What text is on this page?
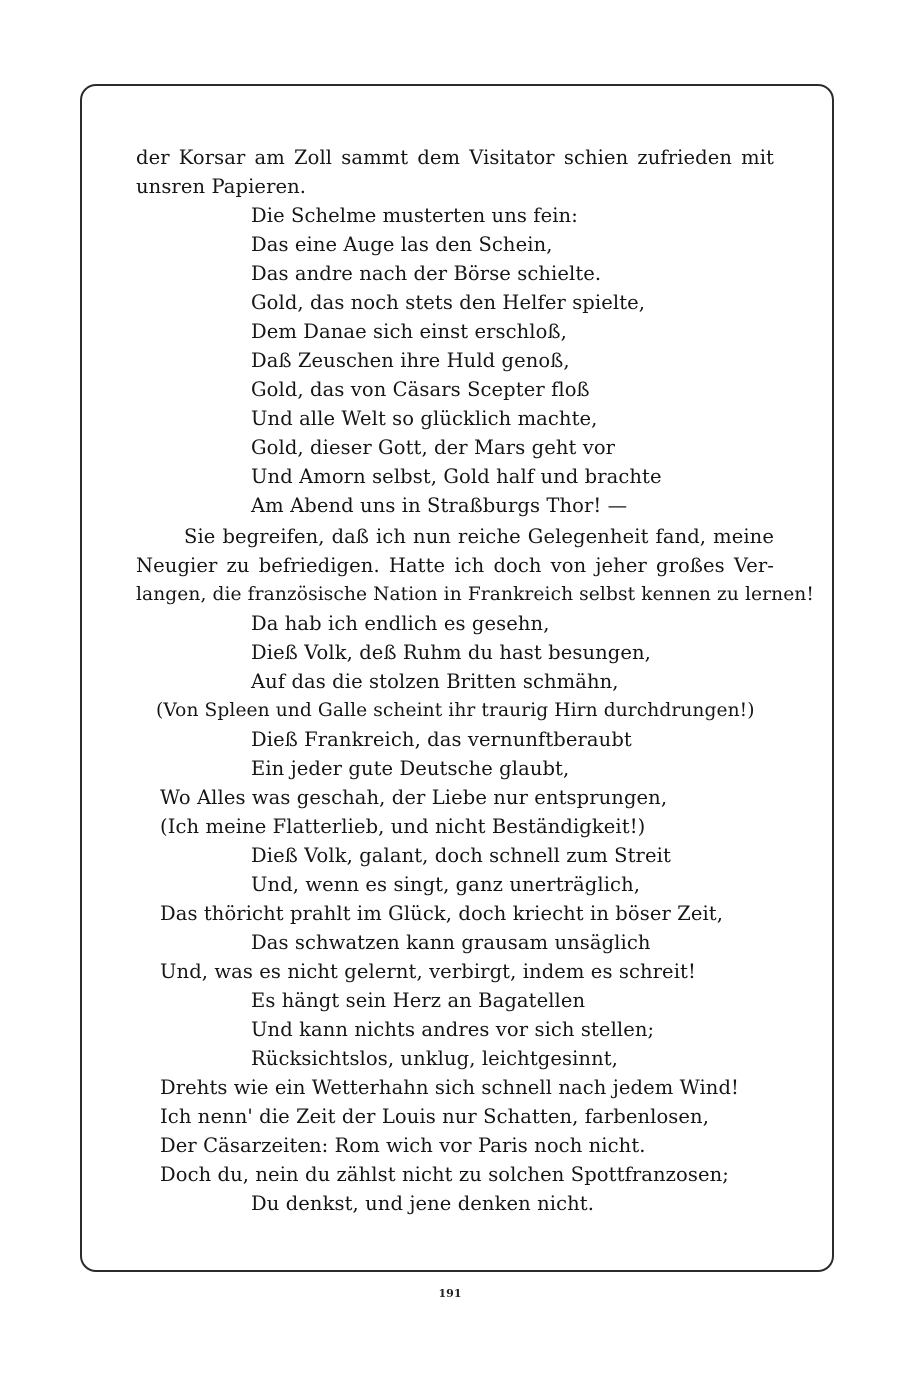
der Korsar am Zoll sammt dem Visitator schien zufrieden mit
unsren Papieren.
Die Schelme musterten uns fein:
Das eine Auge las den Schein,
Das andre nach der Börse schielte.
Gold, das noch stets den Helfer spielte,
Dem Danae sich einst erschloß,
Daß Zeuschen ihre Huld genoß,
Gold, das von Cäsars Scepter floß
Und alle Welt so glücklich machte,
Gold, dieser Gott, der Mars geht vor
Und Amorn selbst, Gold half und brachte
Am Abend uns in Straßburgs Thor! —
Sie begreifen, daß ich nun reiche Gelegenheit fand, meine
Neugier zu befriedigen. Hatte ich doch von jeher großes Ver-
langen, die französische Nation in Frankreich selbst kennen zu lernen!
Da hab ich endlich es gesehn,
Dieß Volk, deß Ruhm du hast besungen,
Auf das die stolzen Britten schmähn,
(Von Spleen und Galle scheint ihr traurig Hirn durchdrungen!)
Dieß Frankreich, das vernunftberaubt
Ein jeder gute Deutsche glaubt,
Wo Alles was geschah, der Liebe nur entsprungen,
(Ich meine Flatterlieb, und nicht Beständigkeit!)
Dieß Volk, galant, doch schnell zum Streit
Und, wenn es singt, ganz unerträglich,
Das thöricht prahlt im Glück, doch kriecht in böser Zeit,
Das schwatzen kann grausam unsäglich
Und, was es nicht gelernt, verbirgt, indem es schreit!
Es hängt sein Herz an Bagatellen
Und kann nichts andres vor sich stellen;
Rücksichtslos, unklug, leichtgesinnt,
Drehts wie ein Wetterhahn sich schnell nach jedem Wind!
Ich nenn' die Zeit der Louis nur Schatten, farbenlosen,
Der Cäsarzeiten: Rom wich vor Paris noch nicht.
Doch du, nein du zählst nicht zu solchen Spottfranzosen;
Du denkst, und jene denken nicht.
191
